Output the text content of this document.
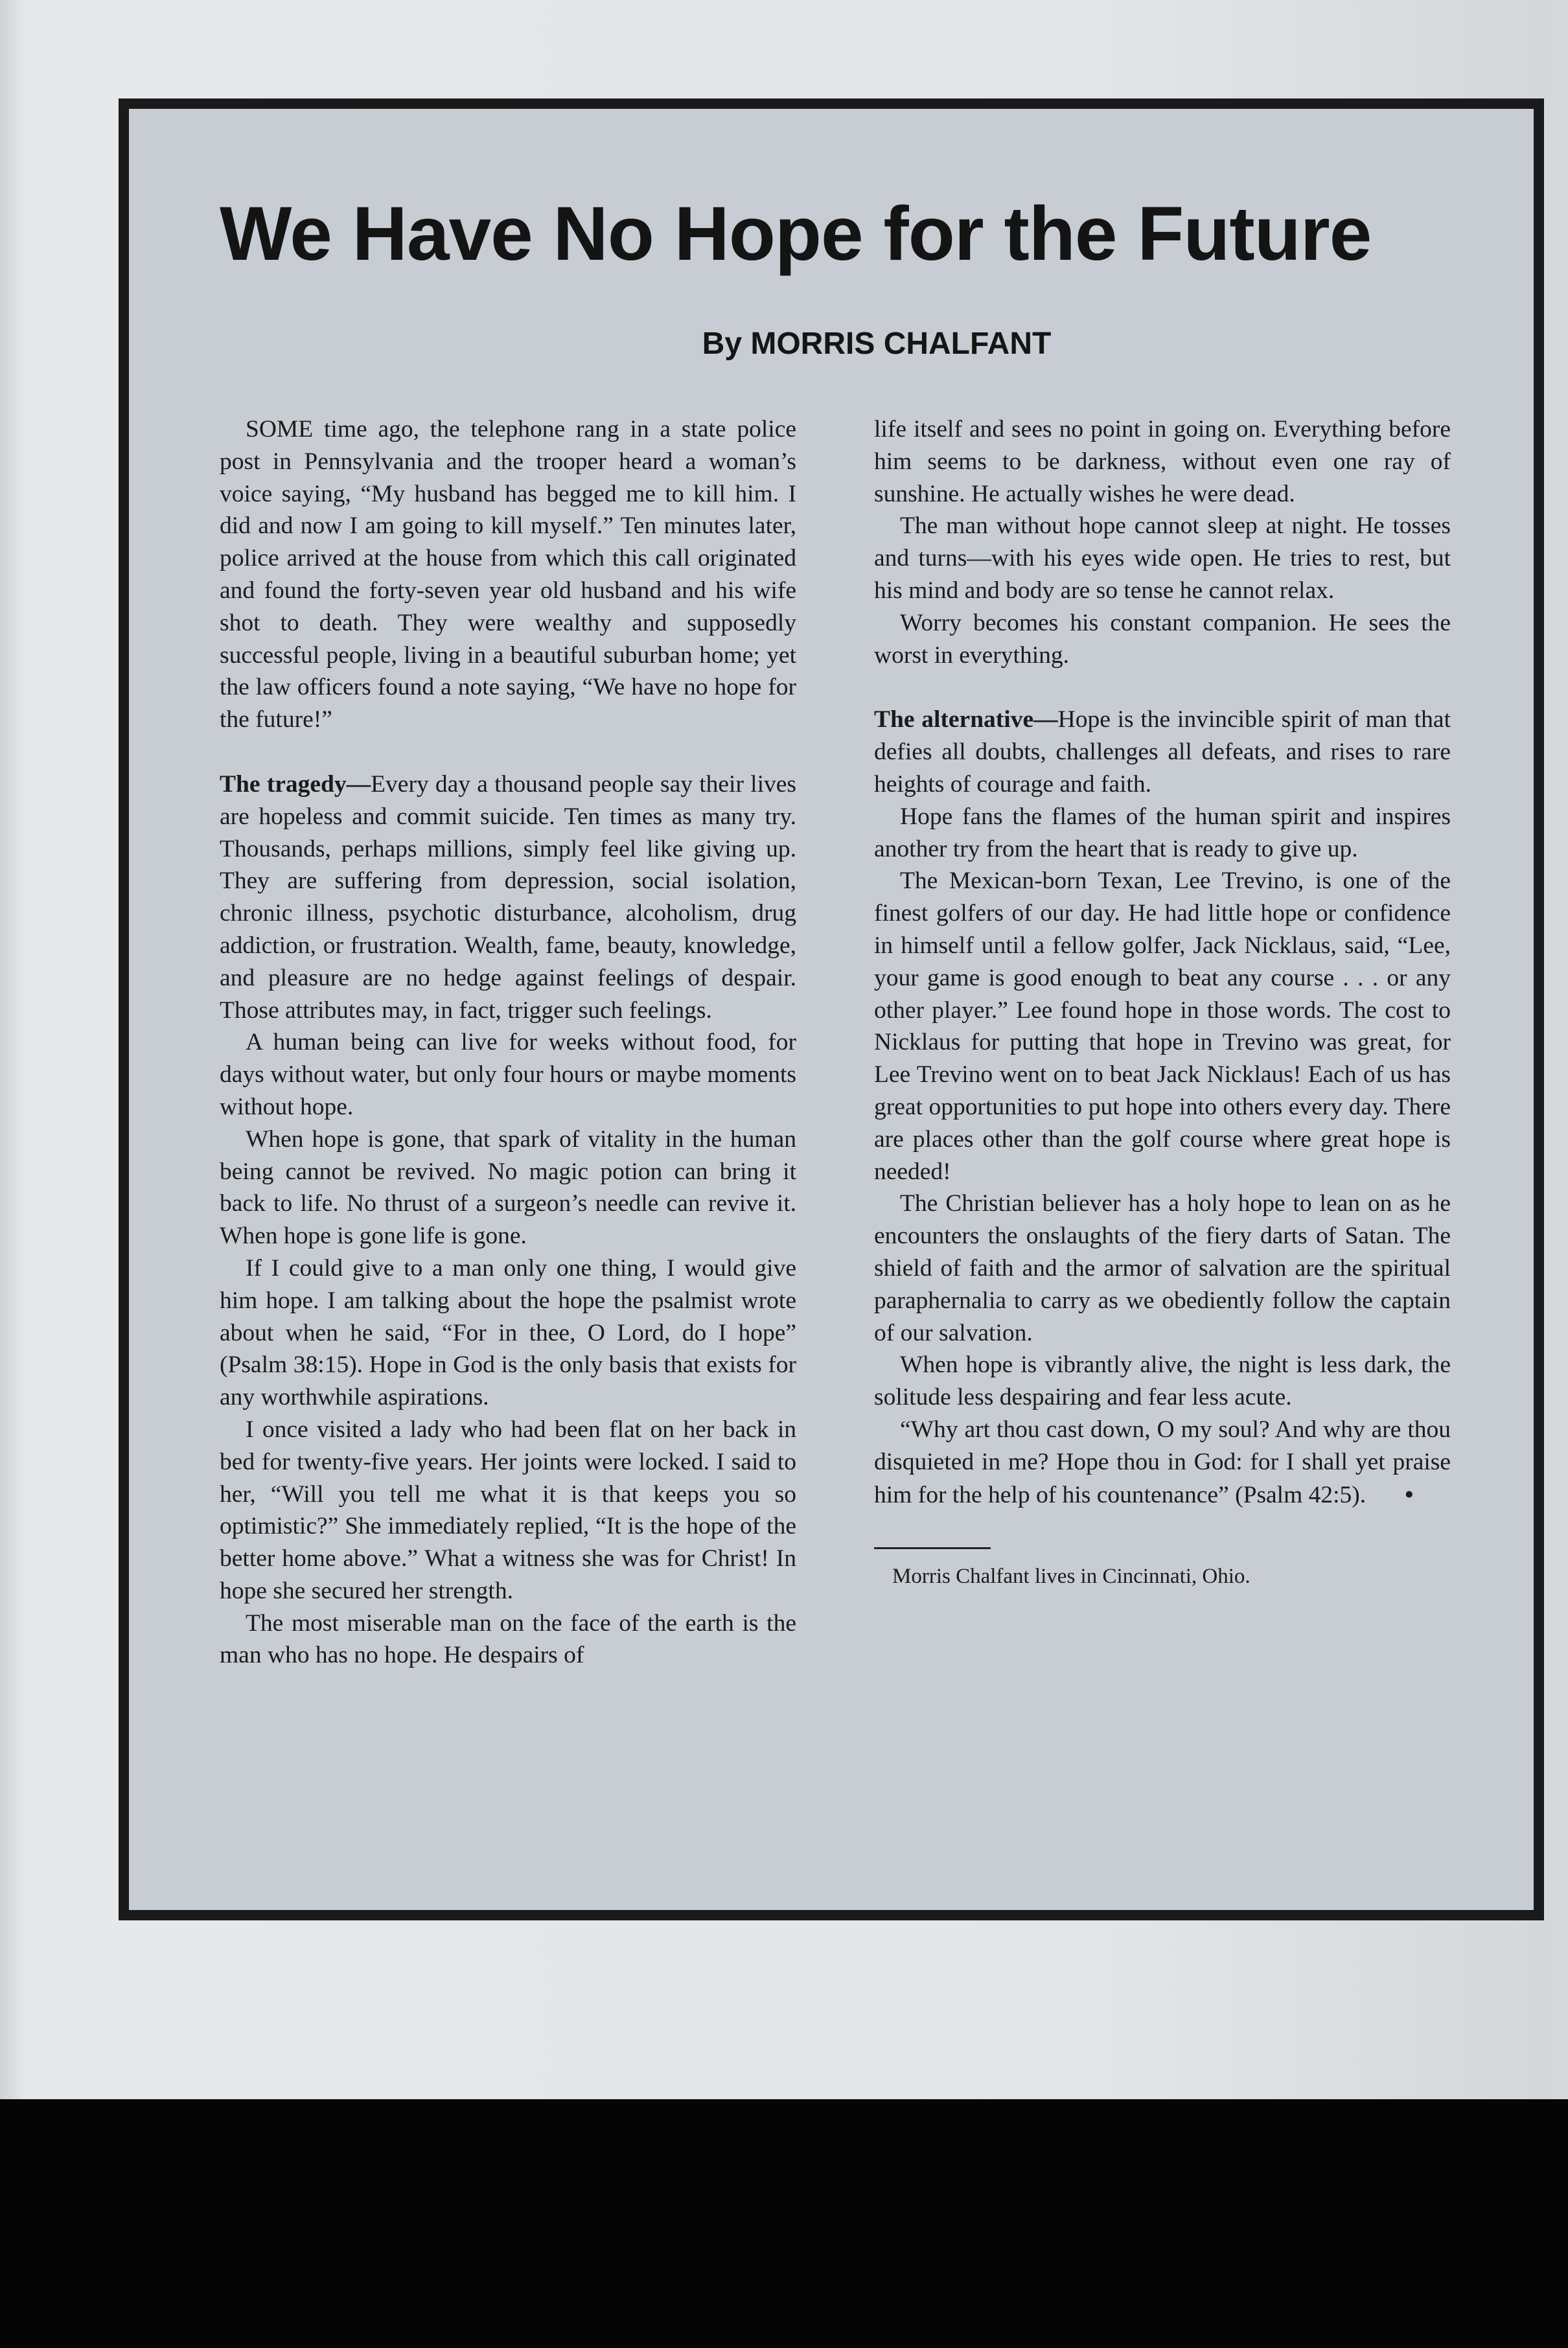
We Have No Hope for the Future
By MORRIS CHALFANT

SOME time ago, the telephone rang in a state police post in Pennsylvania and the trooper heard a woman’s voice saying, “My husband has begged me to kill him. I did and now I am going to kill myself.” Ten minutes later, police arrived at the house from which this call originated and found the forty-seven year old husband and his wife shot to death. They were wealthy and supposedly successful people, living in a beautiful suburban home; yet the law officers found a note saying, “We have no hope for the future!”

The tragedy—Every day a thousand people say their lives are hopeless and commit suicide. Ten times as many try. Thousands, perhaps millions, simply feel like giving up. They are suffering from depression, social isolation, chronic illness, psychotic disturbance, alcoholism, drug addiction, or frustration. Wealth, fame, beauty, knowledge, and pleasure are no hedge against feelings of despair. Those attributes may, in fact, trigger such feelings.

A human being can live for weeks without food, for days without water, but only four hours or maybe moments without hope.

When hope is gone, that spark of vitality in the human being cannot be revived. No magic potion can bring it back to life. No thrust of a surgeon’s needle can revive it. When hope is gone life is gone.

If I could give to a man only one thing, I would give him hope. I am talking about the hope the psalmist wrote about when he said, “For in thee, O Lord, do I hope” (Psalm 38:15). Hope in God is the only basis that exists for any worthwhile aspirations.

I once visited a lady who had been flat on her back in bed for twenty-five years. Her joints were locked. I said to her, “Will you tell me what it is that keeps you so optimistic?” She immediately replied, “It is the hope of the better home above.” What a witness she was for Christ! In hope she secured her strength.

The most miserable man on the face of the earth is the man who has no hope. He despairs of

life itself and sees no point in going on. Everything before him seems to be darkness, without even one ray of sunshine. He actually wishes he were dead.

The man without hope cannot sleep at night. He tosses and turns—with his eyes wide open. He tries to rest, but his mind and body are so tense he cannot relax.

Worry becomes his constant companion. He sees the worst in everything.

The alternative—Hope is the invincible spirit of man that defies all doubts, challenges all defeats, and rises to rare heights of courage and faith.

Hope fans the flames of the human spirit and inspires another try from the heart that is ready to give up.

The Mexican-born Texan, Lee Trevino, is one of the finest golfers of our day. He had little hope or confidence in himself until a fellow golfer, Jack Nicklaus, said, “Lee, your game is good enough to beat any course . . . or any other player.” Lee found hope in those words. The cost to Nicklaus for putting that hope in Trevino was great, for Lee Trevino went on to beat Jack Nicklaus! Each of us has great opportunities to put hope into others every day. There are places other than the golf course where great hope is needed!

The Christian believer has a holy hope to lean on as he encounters the onslaughts of the fiery darts of Satan. The shield of faith and the armor of salvation are the spiritual paraphernalia to carry as we obediently follow the captain of our salvation.

When hope is vibrantly alive, the night is less dark, the solitude less despairing and fear less acute.

“Why art thou cast down, O my soul? And why are thou disquieted in me? Hope thou in God: for I shall yet praise him for the help of his countenance” (Psalm 42:5). •

Morris Chalfant lives in Cincinnati, Ohio.
